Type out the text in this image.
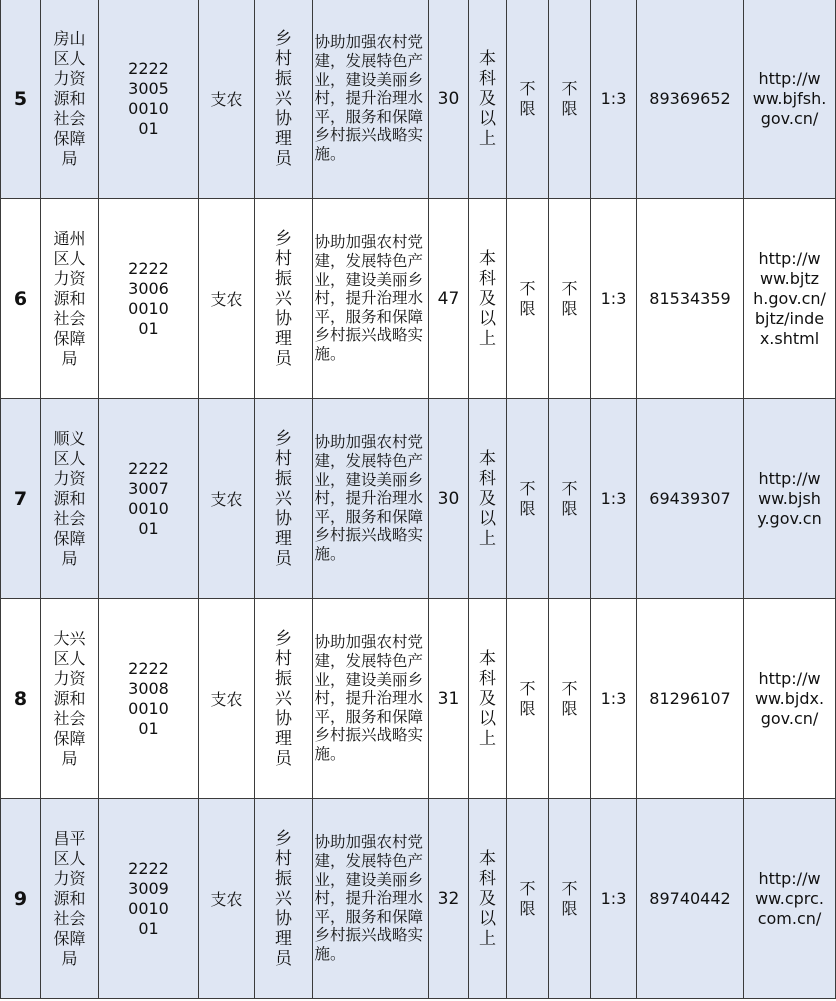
5	房山区人力资源和社会保障局	22223005001001	支农	乡村振兴协理员	协助加强农村党建，发展特色产业，建设美丽乡村，提升治理水平，服务和保障乡村振兴战略实施。	30	本科及以上	不限	不限	1:3	89369652	http://www.bjfsh.gov.cn/
6	通州区人力资源和社会保障局	22223006001001	支农	乡村振兴协理员	协助加强农村党建，发展特色产业，建设美丽乡村，提升治理水平，服务和保障乡村振兴战略实施。	47	本科及以上	不限	不限	1:3	81534359	http://www.bjtzh.gov.cn/bjtz/index.shtml
7	顺义区人力资源和社会保障局	22223007001001	支农	乡村振兴协理员	协助加强农村党建，发展特色产业，建设美丽乡村，提升治理水平，服务和保障乡村振兴战略实施。	30	本科及以上	不限	不限	1:3	69439307	http://www.bjshy.gov.cn
8	大兴区人力资源和社会保障局	22223008001001	支农	乡村振兴协理员	协助加强农村党建，发展特色产业，建设美丽乡村，提升治理水平，服务和保障乡村振兴战略实施。	31	本科及以上	不限	不限	1:3	81296107	http://www.bjdx.gov.cn/
9	昌平区人力资源和社会保障局	22223009001001	支农	乡村振兴协理员	协助加强农村党建，发展特色产业，建设美丽乡村，提升治理水平，服务和保障乡村振兴战略实施。	32	本科及以上	不限	不限	1:3	89740442	http://www.cprc.com.cn/
